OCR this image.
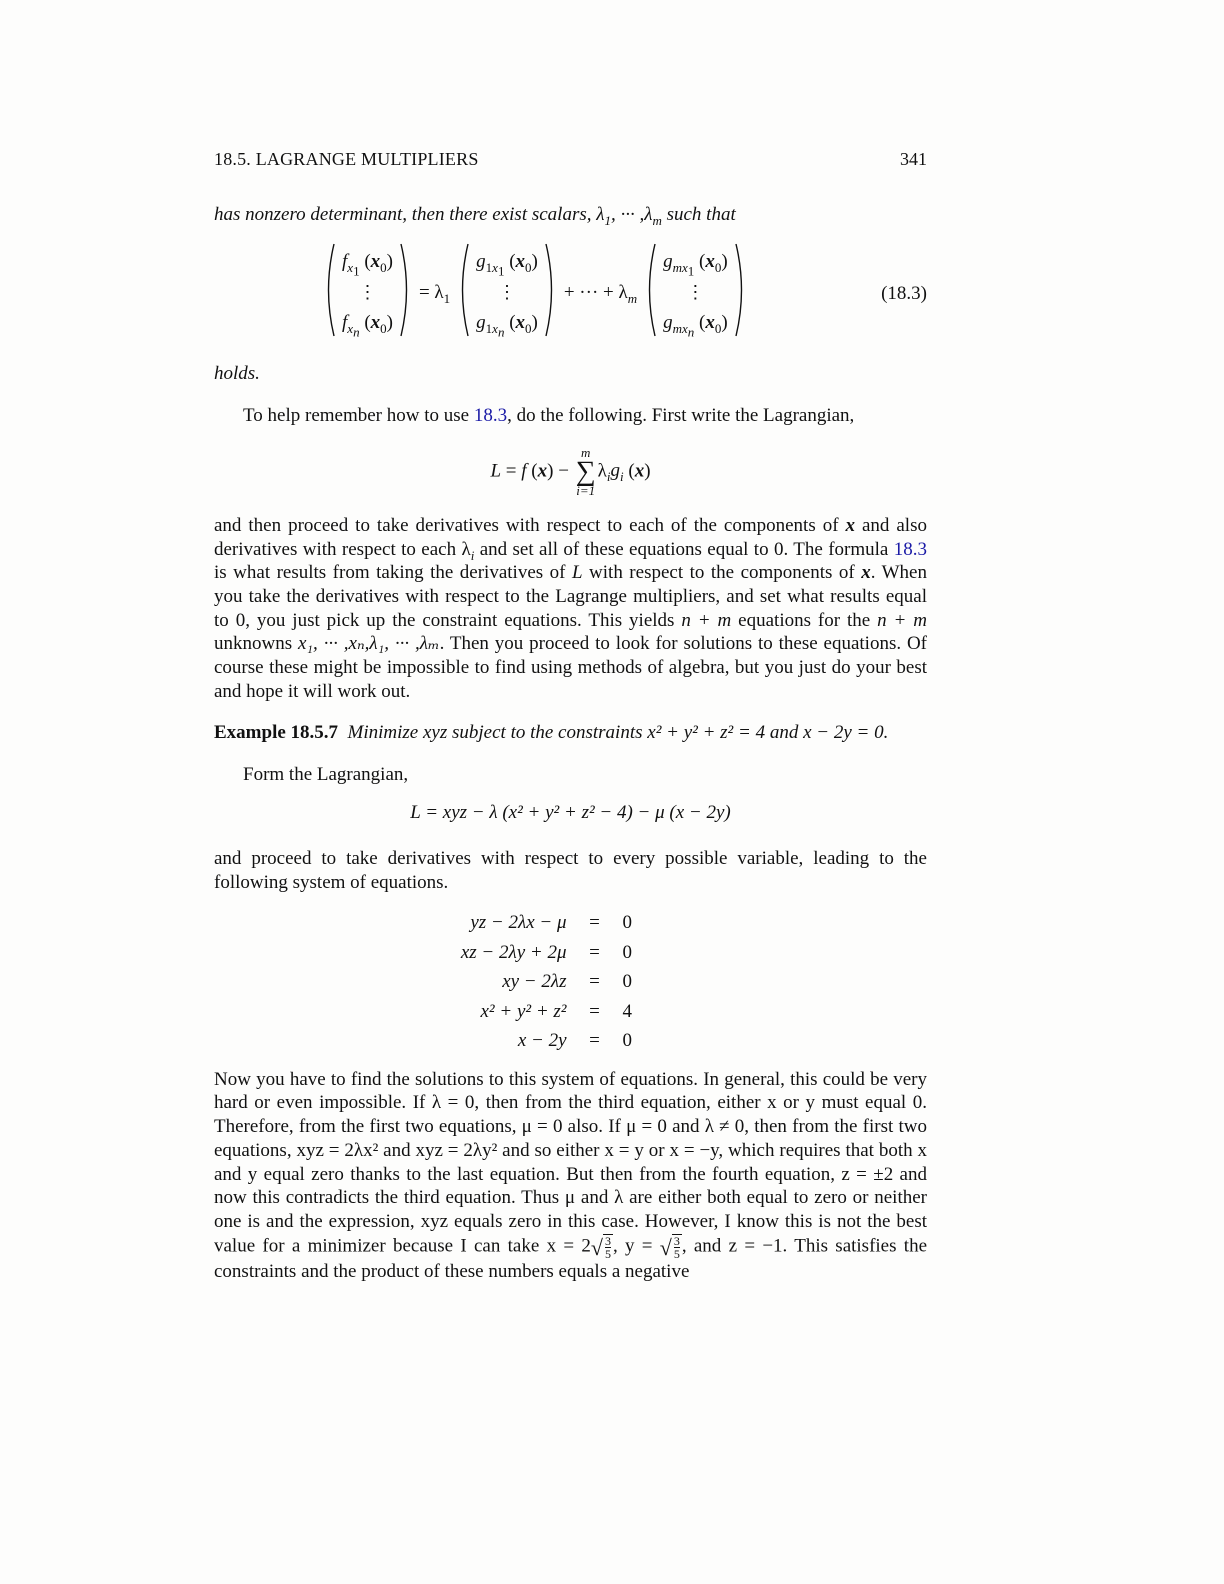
18.5. LAGRANGE MULTIPLIERS	341

has nonzero determinant, then there exist scalars, $\lambda_1$, ··· $,\lambda_m$ such that

$f_{x_1}$ $(x_0)$
⋮
$f_{x_n}$ $(x_0)$
= $\lambda_1$
$g_{1x_1}$ $(x_0)$
⋮
$g_{1x_n}$ $(x_0)$
+ ··· + $\lambda_m$
$g_{mx_1}$ $(x_0)$
⋮
$g_{mx_n}$ $(x_0)$
(18.3)

holds.

To help remember how to use 18.3, do the following. First write the Lagrangian,

L = f (x) −
m
∑
i=1
$\lambda_ig_i$ (x)

and then proceed to take derivatives with respect to each of the components of x and also derivatives with respect to each $\lambda_i$ and set all of these equations equal to 0. The formula 18.3 is what results from taking the derivatives of L with respect to the components of x. When you take the derivatives with respect to the Lagrange multipliers, and set what results equal to 0, you just pick up the constraint equations. This yields n + m equations for the n + m unknowns x₁, ··· ,xₙ,λ₁, ··· ,λₘ. Then you proceed to look for solutions to these equations. Of course these might be impossible to find using methods of algebra, but you just do your best and hope it will work out.

Example 18.5.7 Minimize xyz subject to the constraints x² + y² + z² = 4 and x − 2y = 0.

Form the Lagrangian,

L = xyz − λ (x² + y² + z² − 4) − μ (x − 2y)

and proceed to take derivatives with respect to every possible variable, leading to the following system of equations.

yz − 2λx − μ	=	0
xz − 2λy + 2μ	=	0
xy − 2λz	=	0
x² + y² + z²	=	4
x − 2y	=	0

Now you have to find the solutions to this system of equations. In general, this could be very hard or even impossible. If λ = 0, then from the third equation, either x or y must equal 0. Therefore, from the first two equations, μ = 0 also. If μ = 0 and λ ≠ 0, then from the first two equations, xyz = 2λx² and xyz = 2λy² and so either x = y or x = −y, which requires that both x and y equal zero thanks to the last equation. But then from the fourth equation, z = ±2 and now this contradicts the third equation. Thus μ and λ are either both equal to zero or neither one is and the expression, xyz equals zero in this case. However, I know this is not the best value for a minimizer because I can take x = 2 √ $\frac{3}{5}$ , y = √ $\frac{3}{5}$ , and z = −1. This satisfies the constraints and the product of these numbers equals a negative
